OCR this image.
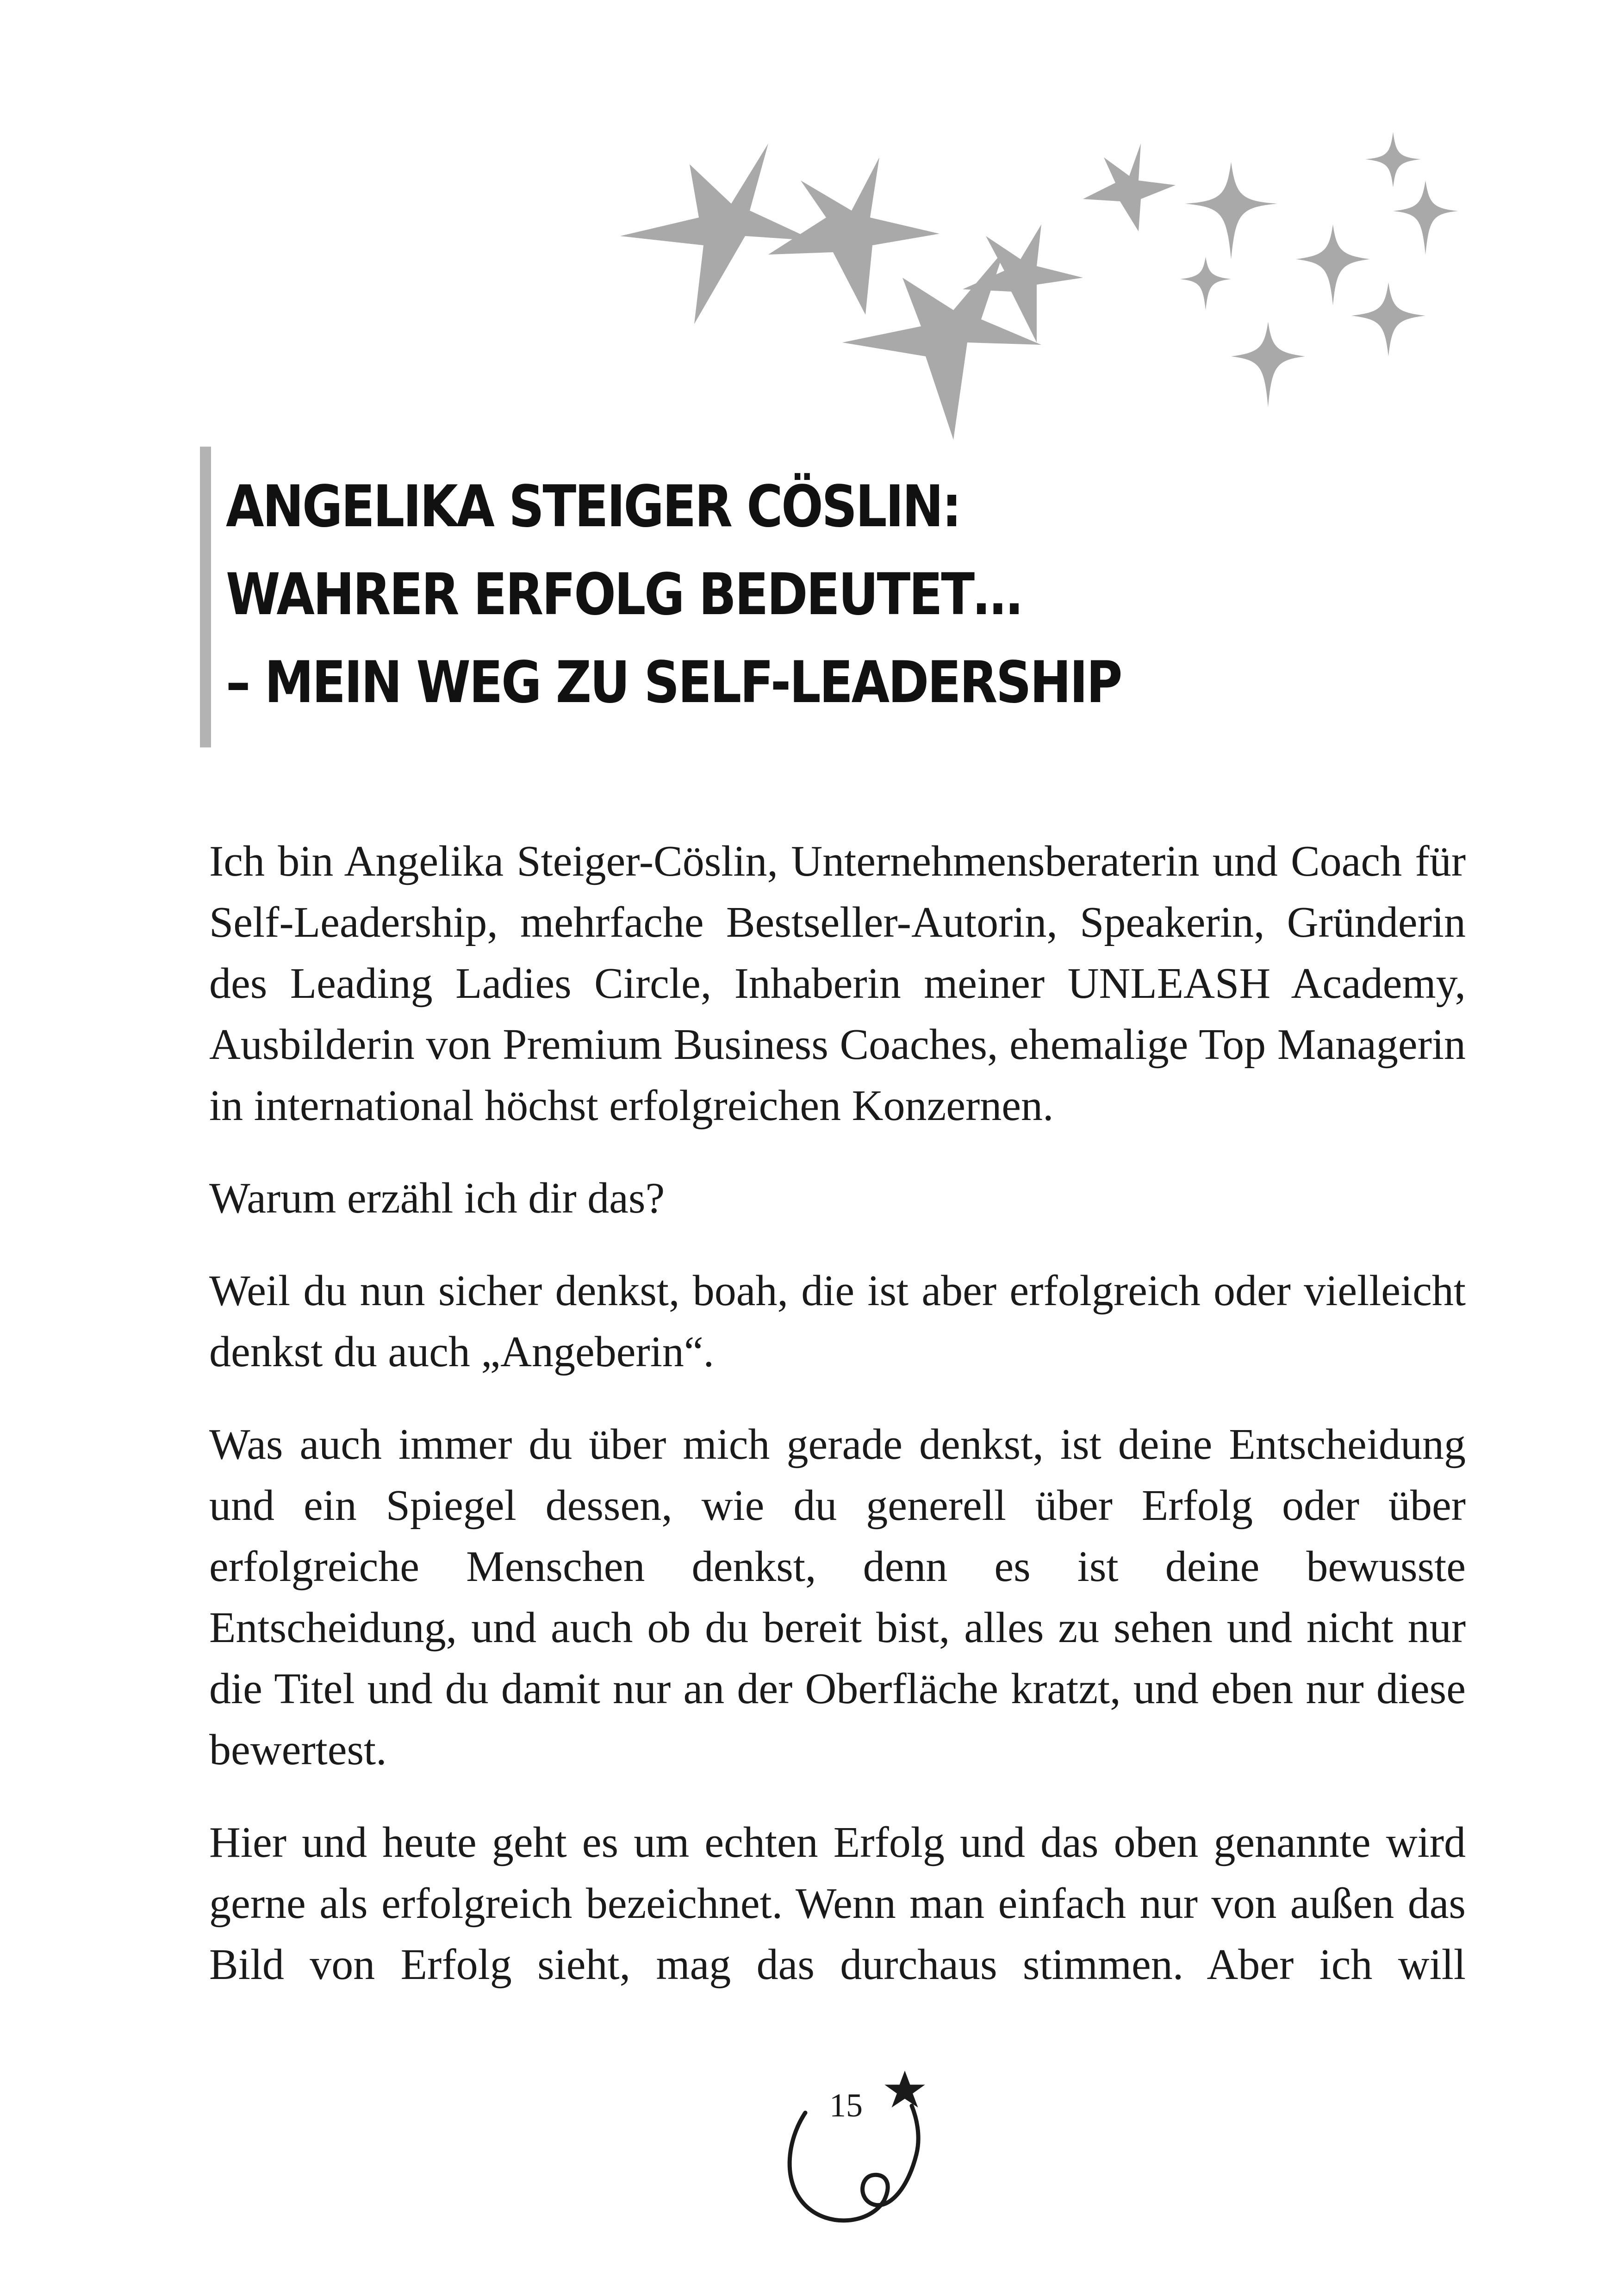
ANGELIKA STEIGER CÖSLIN:
WAHRER ERFOLG BEDEUTET…
– MEIN WEG ZU SELF-LEADERSHIP

Ich bin Angelika Steiger-Cöslin, Unternehmensberaterin und Coach für Self-Leadership, mehrfache Bestseller-Autorin, Speakerin, Gründerin des Leading Ladies Circle, Inhaberin meiner UNLEASH Academy, Ausbilderin von Premium Business Coaches, ehemalige Top Managerin in international höchst erfolgreichen Konzernen.

Warum erzähl ich dir das?

Weil du nun sicher denkst, boah, die ist aber erfolgreich oder vielleicht denkst du auch „Angeberin“.

Was auch immer du über mich gerade denkst, ist deine Entscheidung und ein Spiegel dessen, wie du generell über Erfolg oder über erfolgreiche Menschen denkst, denn es ist deine bewusste Entscheidung, und auch ob du bereit bist, alles zu sehen und nicht nur die Titel und du damit nur an der Oberfläche kratzt, und eben nur diese bewertest.

Hier und heute geht es um echten Erfolg und das oben genannte wird gerne als erfolgreich bezeichnet. Wenn man einfach nur von außen das Bild von Erfolg sieht, mag das durchaus stimmen. Aber ich will

15
